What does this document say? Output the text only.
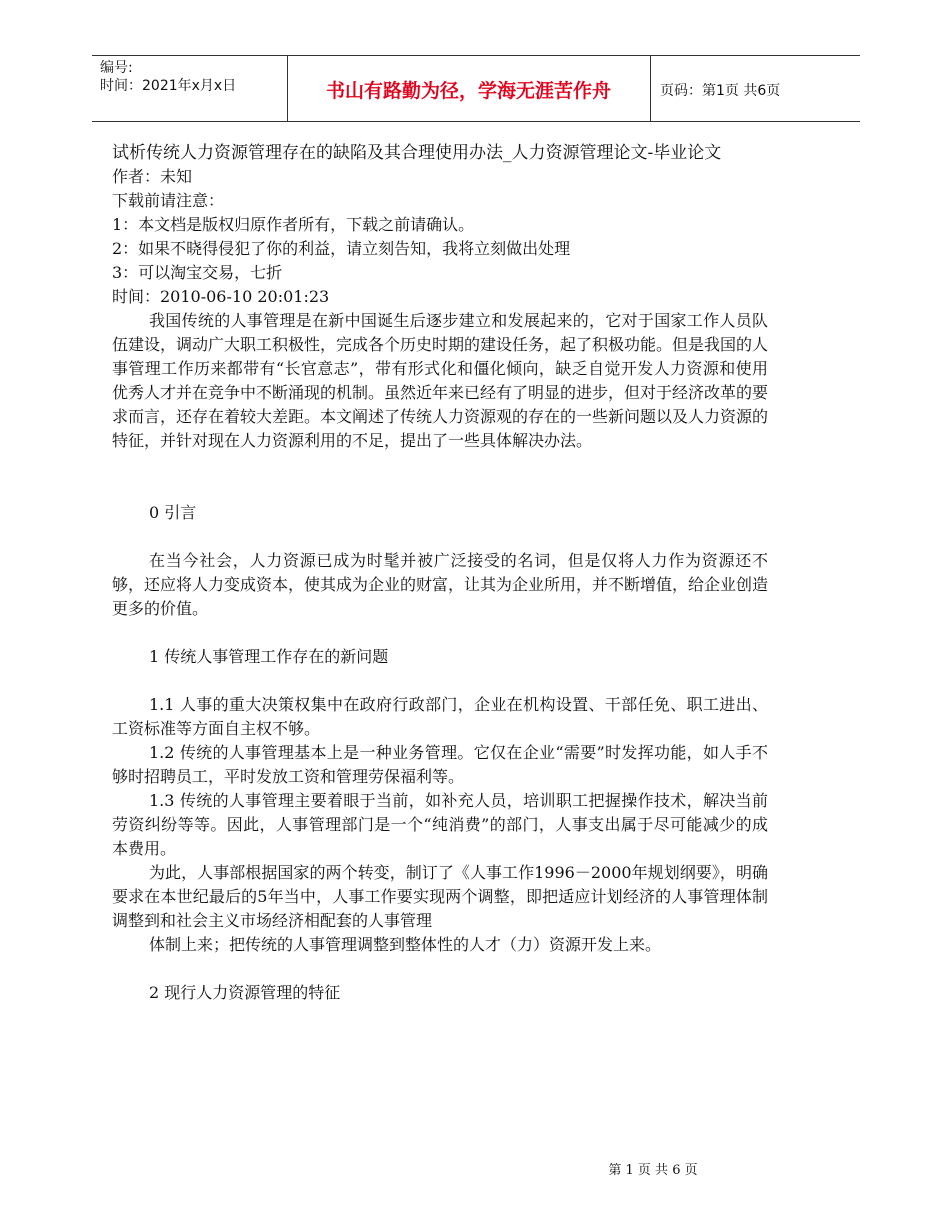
编号:
时间：2021年x月x日	书山有路勤为径，学海无涯苦作舟	页码：第1页 共6页
试析传统人力资源管理存在的缺陷及其合理使用办法_人力资源管理论文-毕业论文
作者：未知
下载前请注意：
1：本文档是版权归原作者所有，下载之前请确认。
2：如果不晓得侵犯了你的利益，请立刻告知，我将立刻做出处理
3：可以淘宝交易，七折
时间：2010-06-10 20:01:23
我国传统的人事管理是在新中国诞生后逐步建立和发展起来的，它对于国家工作人员队伍建设，调动广大职工积极性，完成各个历史时期的建设任务，起了积极功能。但是我国的人事管理工作历来都带有“长官意志”，带有形式化和僵化倾向，缺乏自觉开发人力资源和使用优秀人才并在竞争中不断涌现的机制。虽然近年来已经有了明显的进步，但对于经济改革的要求而言，还存在着较大差距。本文阐述了传统人力资源观的存在的一些新问题以及人力资源的特征，并针对现在人力资源利用的不足，提出了一些具体解决办法。
0 引言
在当今社会，人力资源已成为时髦并被广泛接受的名词，但是仅将人力作为资源还不够，还应将人力变成资本，使其成为企业的财富，让其为企业所用，并不断增值，给企业创造更多的价值。
1 传统人事管理工作存在的新问题
1.1 人事的重大决策权集中在政府行政部门，企业在机构设置、干部任免、职工进出、工资标准等方面自主权不够。
1.2 传统的人事管理基本上是一种业务管理。它仅在企业“需要”时发挥功能，如人手不够时招聘员工，平时发放工资和管理劳保福利等。
1.3 传统的人事管理主要着眼于当前，如补充人员，培训职工把握操作技术，解决当前劳资纠纷等等。因此，人事管理部门是一个“纯消费”的部门，人事支出属于尽可能减少的成本费用。
为此，人事部根据国家的两个转变，制订了《人事工作1996－2000年规划纲要》，明确要求在本世纪最后的5年当中，人事工作要实现两个调整，即把适应计划经济的人事管理体制调整到和社会主义市场经济相配套的人事管理
体制上来；把传统的人事管理调整到整体性的人才（力）资源开发上来。
2 现行人力资源管理的特征
第 1 页 共 6 页
